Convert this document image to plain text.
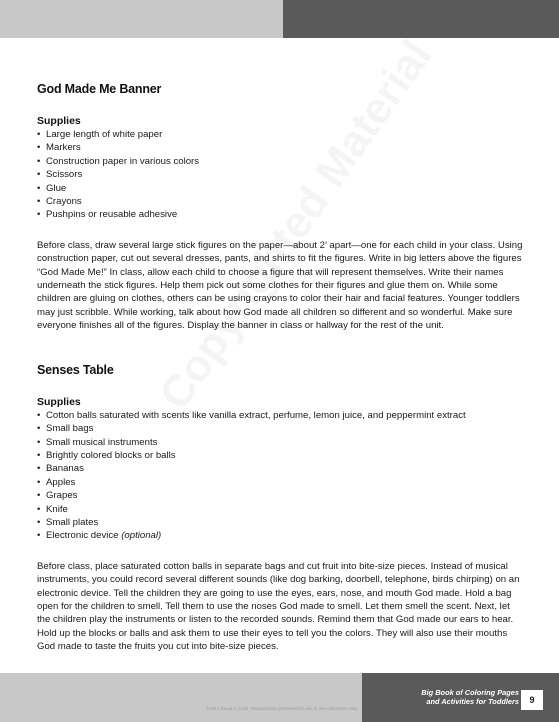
God Made Me Banner
Supplies
• Large length of white paper
• Markers
• Construction paper in various colors
• Scissors
• Glue
• Crayons
• Pushpins or reusable adhesive

Before class, draw several large stick figures on the paper—about 2’ apart—one for each child in your class. Using construction paper, cut out several dresses, pants, and shirts to fit the figures. Write in big letters above the figures “God Made Me!” In class, allow each child to choose a figure that will represent themselves. Write their names underneath the stick figures. Help them pick out some clothes for their figures and glue them on. While some children are gluing on clothes, others can be using crayons to color their hair and facial features. Younger toddlers may just scribble. While working, talk about how God made all children so different and so wonderful. Make sure everyone finishes all of the figures. Display the banner in class or hallway for the rest of the unit.

Senses Table
Supplies
• Cotton balls saturated with scents like vanilla extract, perfume, lemon juice, and peppermint extract
• Small bags
• Small musical instruments
• Brightly colored blocks or balls
• Bananas
• Apples
• Grapes
• Knife
• Small plates
• Electronic device (optional)

Before class, place saturated cotton balls in separate bags and cut fruit into bite-size pieces. Instead of musical instruments, you could record several different sounds (like dog barking, doorbell, telephone, birds chirping) on an electronic device. Tell the children they are going to use the eyes, ears, nose, and mouth God made. Hold a bag open for the children to smell. Tell them to use the noses God made to smell. Let them smell the scent. Next, let the children play the instruments or listen to the recorded sounds. Remind them that God made our ears to hear. Hold up the blocks or balls and ask them to use their eyes to tell you the colors. They will also use their mouths God made to taste the fruits you cut into bite-size pieces.

©2013 David C Cook. Reproduction permitted for use in one classroom only.
Big Book of Coloring Pages
and Activities for Toddlers	9
